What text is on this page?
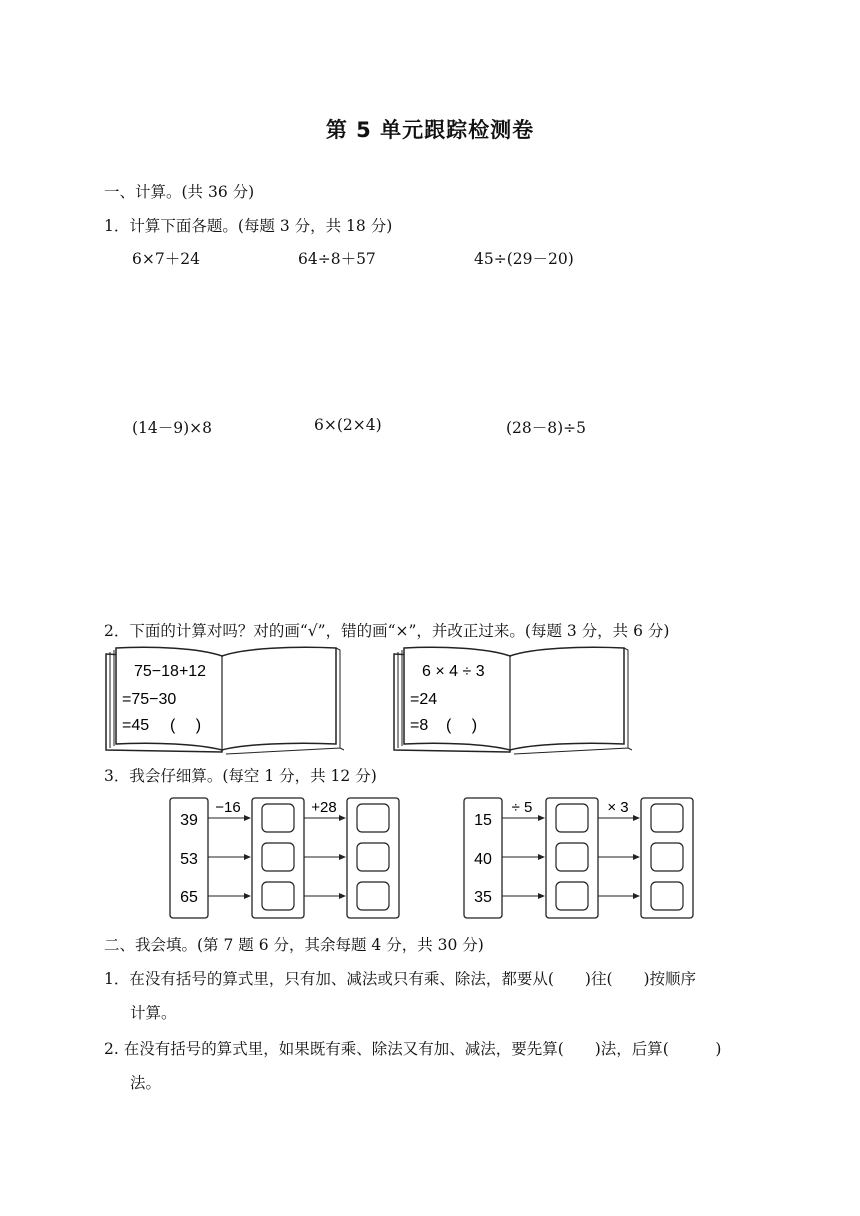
第 5 单元跟踪检测卷
一、计算。(共 36 分)
1．计算下面各题。(每题 3 分，共 18 分)
6×7＋24	64÷8＋57	45÷(29－20)
(14－9)×8	6×(2×4)	(28－8)÷5
2．下面的计算对吗？对的画“√”，错的画“×”，并改正过来。(每题 3 分，共 6 分)
75−18+12
=75−30
=45 (　 )
6 × 4 ÷ 3
=24
=8 (　 )
3．我会仔细算。(每空 1 分，共 12 分)
39
53
65
−16	+28
15
40
35
÷ 5	× 3
二、我会填。(第 7 题 6 分，其余每题 4 分，共 30 分)
1．在没有括号的算式里，只有加、减法或只有乘、除法，都要从(　　)往(　　)按顺序
计算。
2. 在没有括号的算式里，如果既有乘、除法又有加、减法，要先算(　　)法，后算(　　　)
法。
